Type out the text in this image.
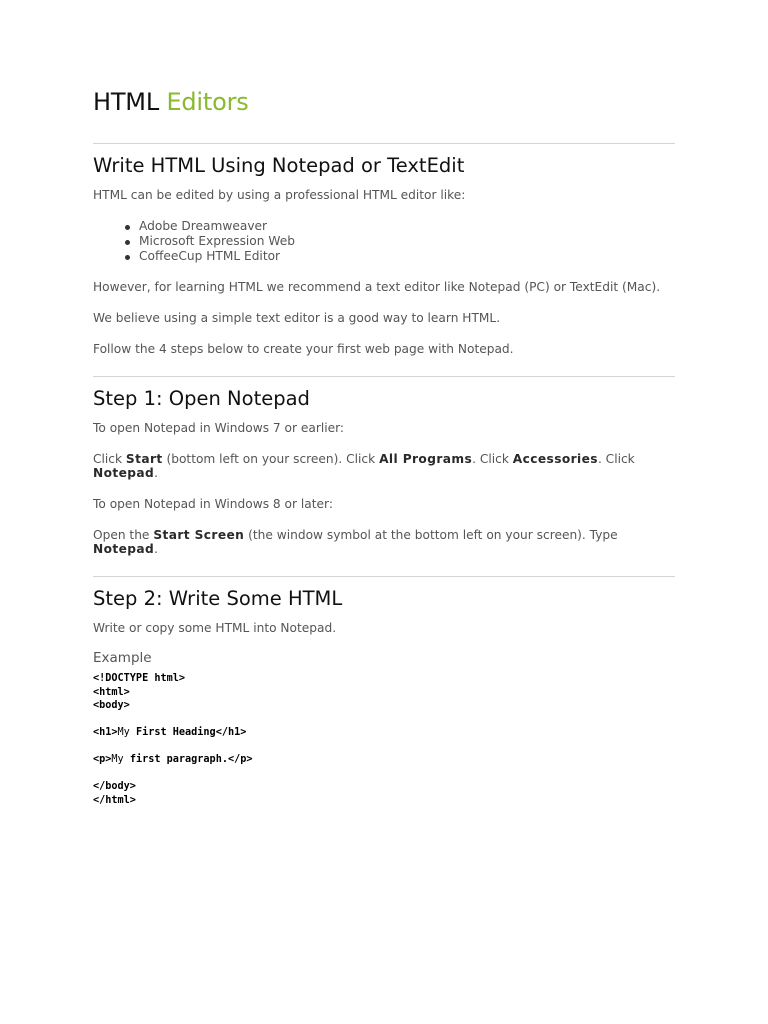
HTML Editors
Write HTML Using Notepad or TextEdit

HTML can be edited by using a professional HTML editor like:

Adobe Dreamweaver
Microsoft Expression Web
CoffeeCup HTML Editor

However, for learning HTML we recommend a text editor like Notepad (PC) or TextEdit (Mac).

We believe using a simple text editor is a good way to learn HTML.

Follow the 4 steps below to create your first web page with Notepad.

Step 1: Open Notepad

To open Notepad in Windows 7 or earlier:

Click Start (bottom left on your screen). Click All Programs. Click Accessories. Click Notepad.

To open Notepad in Windows 8 or later:

Open the Start Screen (the window symbol at the bottom left on your screen). Type Notepad.

Step 2: Write Some HTML

Write or copy some HTML into Notepad.

Example

<!DOCTYPE html>
<html>
<body>

<h1>My First Heading</h1>

<p>My first paragraph.</p>

</body>
</html>
